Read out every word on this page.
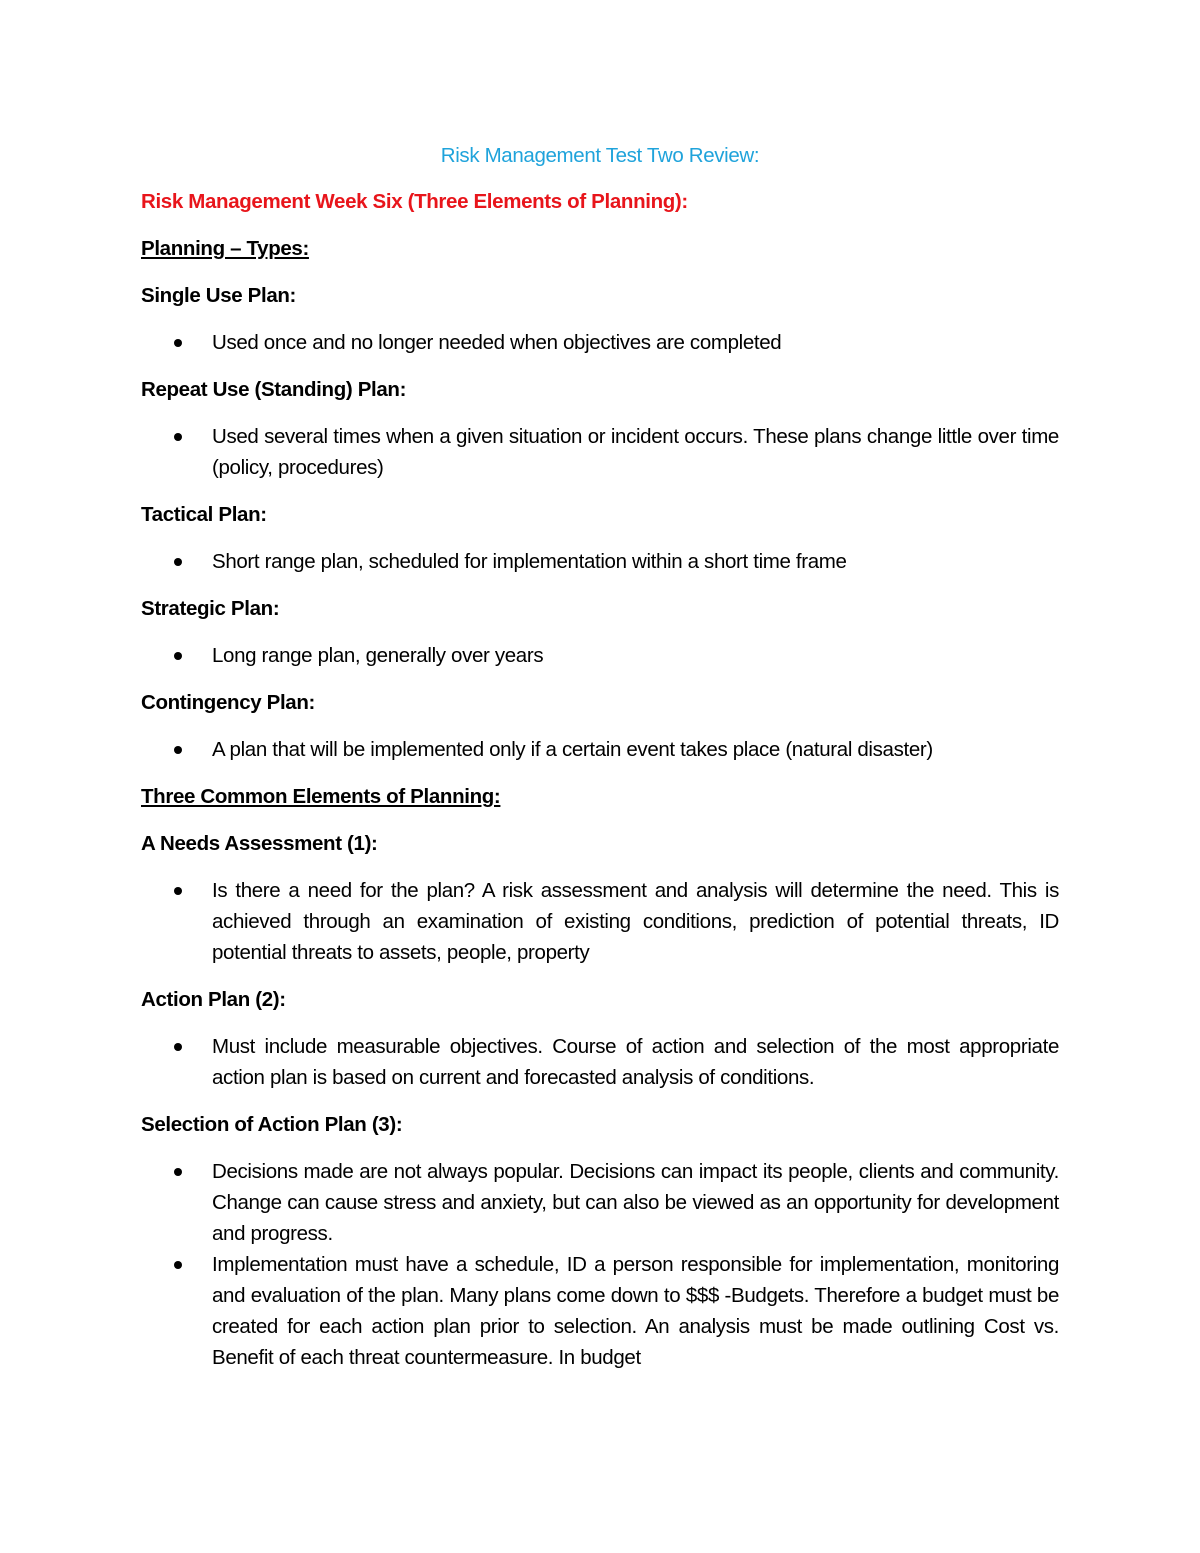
Risk Management Test Two Review:

Risk Management Week Six (Three Elements of Planning):

Planning – Types:

Single Use Plan:

Used once and no longer needed when objectives are completed

Repeat Use (Standing) Plan:

Used several times when a given situation or incident occurs. These plans change little over time (policy, procedures)

Tactical Plan:

Short range plan, scheduled for implementation within a short time frame

Strategic Plan:

Long range plan, generally over years

Contingency Plan:

A plan that will be implemented only if a certain event takes place (natural disaster)

Three Common Elements of Planning:

A Needs Assessment (1):

Is there a need for the plan? A risk assessment and analysis will determine the need. This is achieved through an examination of existing conditions, prediction of potential threats, ID potential threats to assets, people, property

Action Plan (2):

Must include measurable objectives. Course of action and selection of the most appropriate action plan is based on current and forecasted analysis of conditions.

Selection of Action Plan (3):

Decisions made are not always popular. Decisions can impact its people, clients and community. Change can cause stress and anxiety, but can also be viewed as an opportunity for development and progress.
Implementation must have a schedule, ID a person responsible for implementation, monitoring and evaluation of the plan. Many plans come down to $$$ -Budgets. Therefore a budget must be created for each action plan prior to selection. An analysis must be made outlining Cost vs. Benefit of each threat countermeasure. In budget
